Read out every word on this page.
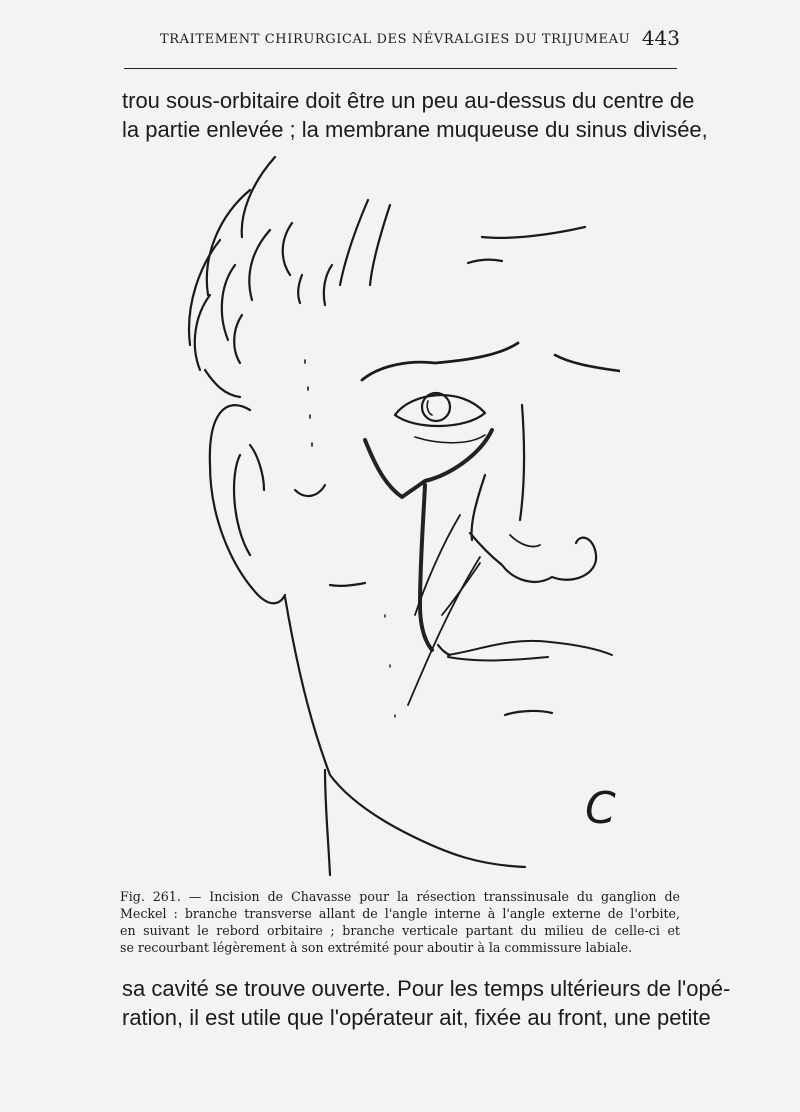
TRAITEMENT CHIRURGICAL DES NÉVRALGIES DU TRIJUMEAU 443
trou sous-orbitaire doit être un peu au-dessus du centre de
la partie enlevée ; la membrane muqueuse du sinus divisée,
C
Fig. 261. — Incision de Chavasse pour la résection transsinusale du ganglion de
Meckel : branche transverse allant de l'angle interne à l'angle externe de l'orbite,
en suivant le rebord orbitaire ; branche verticale partant du milieu de celle-ci et
se recourbant légèrement à son extrémité pour aboutir à la commissure labiale.
sa cavité se trouve ouverte. Pour les temps ultérieurs de l'opé-
ration, il est utile que l'opérateur ait, fixée au front, une petite
